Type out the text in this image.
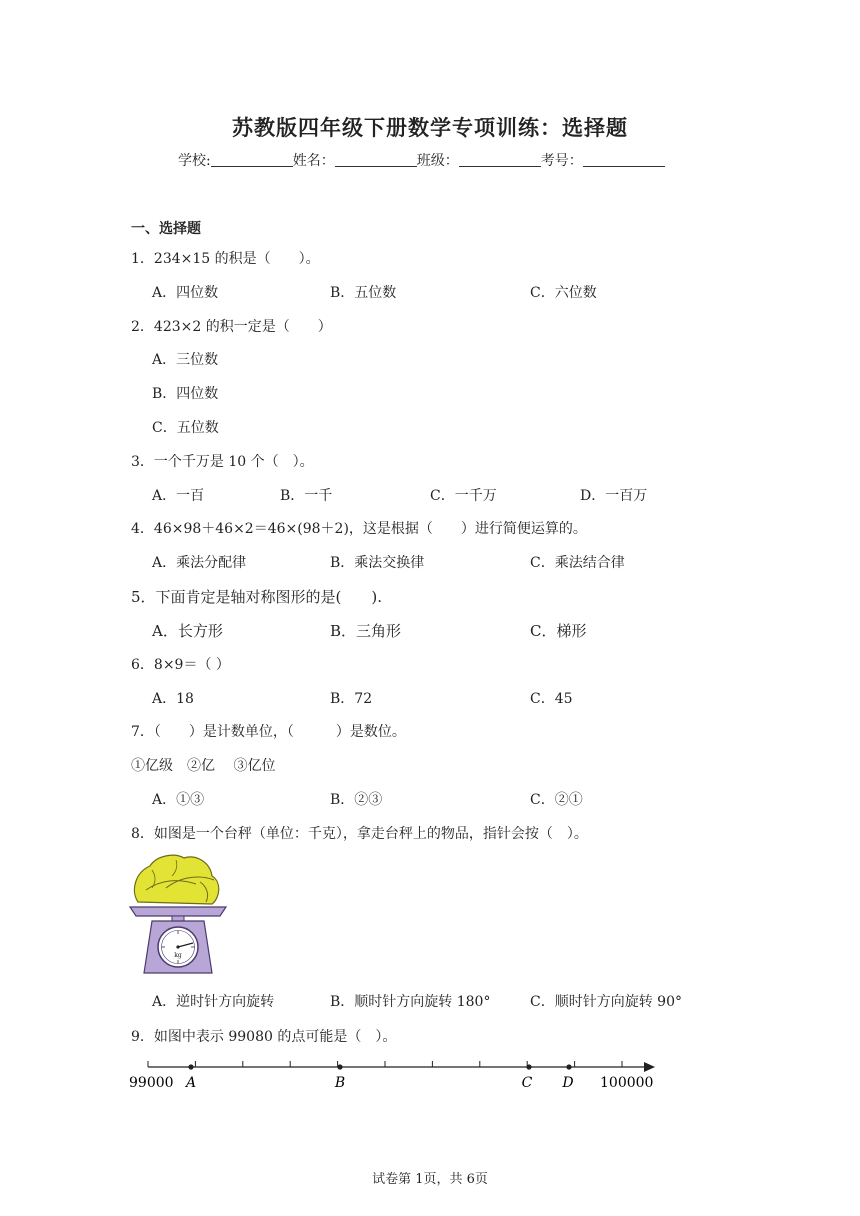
苏教版四年级下册数学专项训练：选择题
学校:	姓名：	班级：	考号：
一、选择题
1．234×15 的积是（　　）。
A．四位数	B．五位数	C．六位数
2．423×2 的积一定是（　　）
A．三位数
B．四位数
C．五位数
3．一个千万是 10 个（　）。
A．一百	B．一千	C．一千万	D．一百万
4．46×98＋46×2＝46×(98＋2)，这是根据（　　）进行简便运算的。
A．乘法分配律	B．乘法交换律	C．乘法结合律
5．下面肯定是轴对称图形的是(　　).
A．长方形	B．三角形	C．梯形
6．8×9＝（ ）
A．18	B．72	C．45
7．（　　）是计数单位，（　　　）是数位。
①亿级　②亿　 ③亿位
A．①③	B．②③	C．②①
8．如图是一个台秤（单位：千克），拿走台秤上的物品，指针会按（　）。
kg
A．逆时针方向旋转	B．顺时针方向旋转 180°	C．顺时针方向旋转 90°
9．如图中表示 99080 的点可能是（　）。
99000 A	B	C D 100000
试卷第 1页，共 6页
